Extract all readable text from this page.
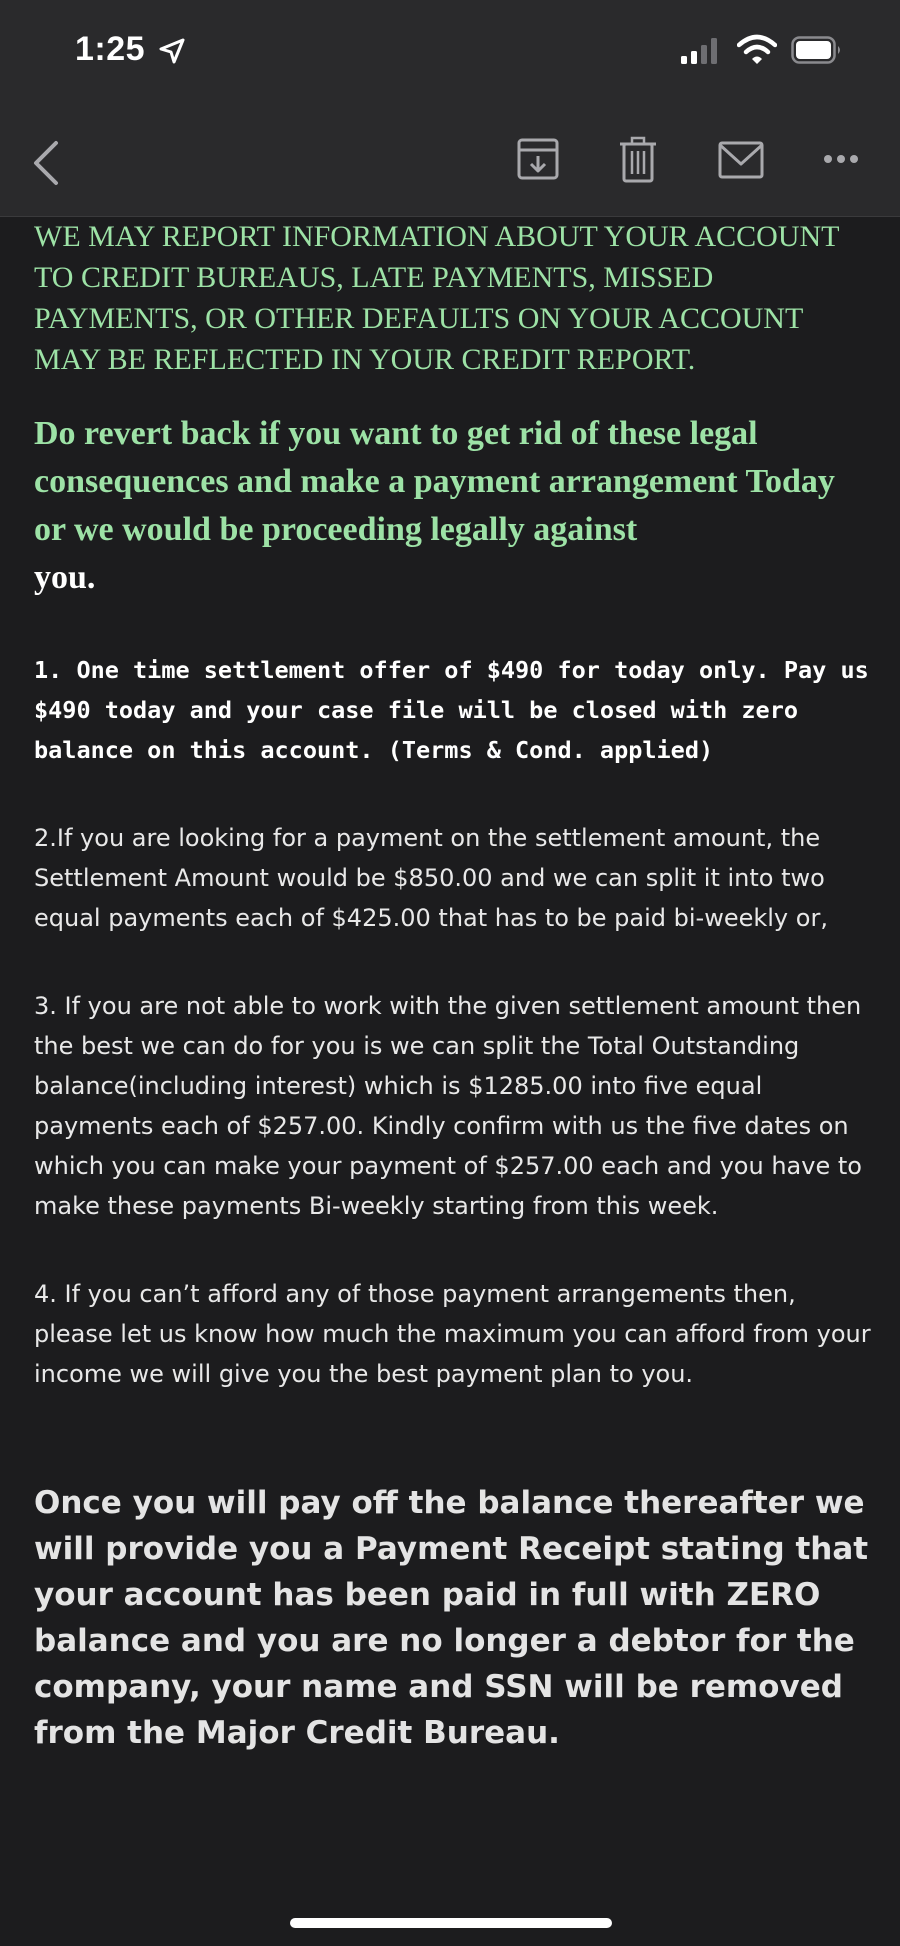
1:25

WE MAY REPORT INFORMATION ABOUT YOUR ACCOUNT TO CREDIT BUREAUS, LATE PAYMENTS, MISSED PAYMENTS, OR OTHER DEFAULTS ON YOUR ACCOUNT MAY BE REFLECTED IN YOUR CREDIT REPORT.

Do revert back if you want to get rid of these legal consequences and make a payment arrangement Today or we would be proceeding legally against
you.

1. One time settlement offer of $490 for today only. Pay us $490 today and your case file will be closed with zero balance on this account. (Terms & Cond. applied)

2.If you are looking for a payment on the settlement amount, the Settlement Amount would be $850.00 and we can split it into two equal payments each of $425.00 that has to be paid bi-weekly or,

3. If you are not able to work with the given settlement amount then the best we can do for you is we can split the Total Outstanding balance(including interest) which is $1285.00 into five equal payments each of $257.00. Kindly confirm with us the five dates on which you can make your payment of $257.00 each and you have to make these payments Bi-weekly starting from this week.

4. If you can’t afford any of those payment arrangements then, please let us know how much the maximum you can afford from your income we will give you the best payment plan to you.

Once you will pay off the balance thereafter we will provide you a Payment Receipt stating that your account has been paid in full with ZERO balance and you are no longer a debtor for the company, your name and SSN will be removed from the Major Credit Bureau.
